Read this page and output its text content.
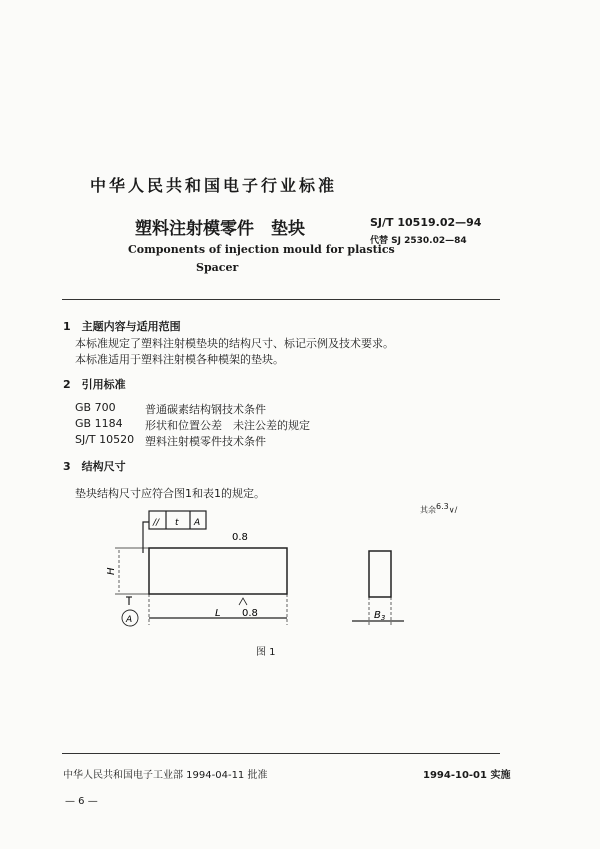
中华人民共和国电子行业标准
塑料注射模零件　垫块	SJ/T 10519.02—94
代替 SJ 2530.02—84
Components of injection mould for plastics
Spacer
1　主题内容与适用范围
本标准规定了塑料注射模垫块的结构尺寸、标记示例及技术要求。
本标准适用于塑料注射模各种模架的垫块。
2　引用标准
GB 700	普通碳素结构钢技术条件
GB 1184 形状和位置公差　未注公差的规定
SJ/T 10520 塑料注射模零件技术条件
3　结构尺寸
垫块结构尺寸应符合图1和表1的规定。
其余$^{6.3}$∨/
// t A
0.8
H
A
L 0.8	$B_3$
图 1
中华人民共和国电子工业部 1994-04-11 批准	1994-10-01 实施
— 6 —
